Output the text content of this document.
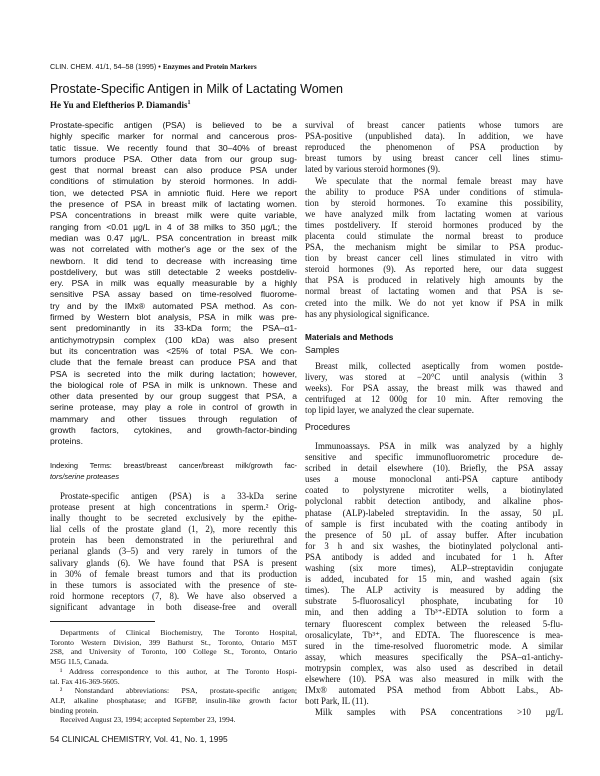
CLIN. CHEM. 41/1, 54–58 (1995) • Enzymes and Protein Markers
Prostate-Specific Antigen in Milk of Lactating Women
He Yu and Eleftherios P. Diamandis$^1$
Prostate-specific antigen (PSA) is believed to be a
highly specific marker for normal and cancerous pros-
tatic tissue. We recently found that 30–40% of breast
tumors produce PSA. Other data from our group sug-
gest that normal breast can also produce PSA under
conditions of stimulation by steroid hormones. In addi-
tion, we detected PSA in amniotic fluid. Here we report
the presence of PSA in breast milk of lactating women.
PSA concentrations in breast milk were quite variable,
ranging from <0.01 µg/L in 4 of 38 milks to 350 µg/L; the
median was 0.47 µg/L. PSA concentration in breast milk
was not correlated with mother's age or the sex of the
newborn. It did tend to decrease with increasing time
postdelivery, but was still detectable 2 weeks postdeliv-
ery. PSA in milk was equally measurable by a highly
sensitive PSA assay based on time-resolved fluorome-
try and by the IMx® automated PSA method. As con-
firmed by Western blot analysis, PSA in milk was pre-
sent predominantly in its 33-kDa form; the PSA–α1-
antichymotrypsin complex (100 kDa) was also present
but its concentration was <25% of total PSA. We con-
clude that the female breast can produce PSA and that
PSA is secreted into the milk during lactation; however,
the biological role of PSA in milk is unknown. These and
other data presented by our group suggest that PSA, a
serine protease, may play a role in control of growth in
mammary and other tissues through regulation of
growth factors, cytokines, and growth-factor-binding
proteins.
Indexing Terms: breast/breast cancer/breast milk/growth fac-
tors/serine proteases
Prostate-specific antigen (PSA) is a 33-kDa serine
protease present at high concentrations in sperm.² Orig-
inally thought to be secreted exclusively by the epithe-
lial cells of the prostate gland (1, 2), more recently this
protein has been demonstrated in the periurethral and
perianal glands (3–5) and very rarely in tumors of the
salivary glands (6). We have found that PSA is present
in 30% of female breast tumors and that its production
in these tumors is associated with the presence of ste-
roid hormone receptors (7, 8). We have also observed a
significant advantage in both disease-free and overall
Departments of Clinical Biochemistry, The Toronto Hospital,
Toronto Western Division, 399 Bathurst St., Toronto, Ontario M5T
2S8, and University of Toronto, 100 College St., Toronto, Ontario
M5G 1L5, Canada.
¹ Address correspondence to this author, at The Toronto Hospi-
tal. Fax 416-369-5605.
² Nonstandard abbreviations: PSA, prostate-specific antigen;
ALP, alkaline phosphatase; and IGFBP, insulin-like growth factor
binding protein.
Received August 23, 1994; accepted September 23, 1994.
54 CLINICAL CHEMISTRY, Vol. 41, No. 1, 1995
survival of breast cancer patients whose tumors are
PSA-positive (unpublished data). In addition, we have
reproduced the phenomenon of PSA production by
breast tumors by using breast cancer cell lines stimu-
lated by various steroid hormones (9).
We speculate that the normal female breast may have
the ability to produce PSA under conditions of stimula-
tion by steroid hormones. To examine this possibility,
we have analyzed milk from lactating women at various
times postdelivery. If steroid hormones produced by the
placenta could stimulate the normal breast to produce
PSA, the mechanism might be similar to PSA produc-
tion by breast cancer cell lines stimulated in vitro with
steroid hormones (9). As reported here, our data suggest
that PSA is produced in relatively high amounts by the
normal breast of lactating women and that PSA is se-
creted into the milk. We do not yet know if PSA in milk
has any physiological significance.
Materials and Methods
Samples
Breast milk, collected aseptically from women postde-
livery, was stored at −20°C until analysis (within 3
weeks). For PSA assay, the breast milk was thawed and
centrifuged at 12 000g for 10 min. After removing the
top lipid layer, we analyzed the clear supernate.
Procedures
Immunoassays. PSA in milk was analyzed by a highly
sensitive and specific immunofluorometric procedure de-
scribed in detail elsewhere (10). Briefly, the PSA assay
uses a mouse monoclonal anti-PSA capture antibody
coated to polystyrene microtiter wells, a biotinylated
polyclonal rabbit detection antibody, and alkaline phos-
phatase (ALP)-labeled streptavidin. In the assay, 50 µL
of sample is first incubated with the coating antibody in
the presence of 50 µL of assay buffer. After incubation
for 3 h and six washes, the biotinylated polyclonal anti-
PSA antibody is added and incubated for 1 h. After
washing (six more times), ALP–streptavidin conjugate
is added, incubated for 15 min, and washed again (six
times). The ALP activity is measured by adding the
substrate 5-fluorosalicyl phosphate, incubating for 10
min, and then adding a Tb³⁺-EDTA solution to form a
ternary fluorescent complex between the released 5-flu-
orosalicylate, Tb³⁺, and EDTA. The fluorescence is mea-
sured in the time-resolved fluorometric mode. A similar
assay, which measures specifically the PSA–α1-antichy-
motrypsin complex, was also used as described in detail
elsewhere (10). PSA was also measured in milk with the
IMx® automated PSA method from Abbott Labs., Ab-
bott Park, IL (11).
Milk samples with PSA concentrations >10 µg/L
